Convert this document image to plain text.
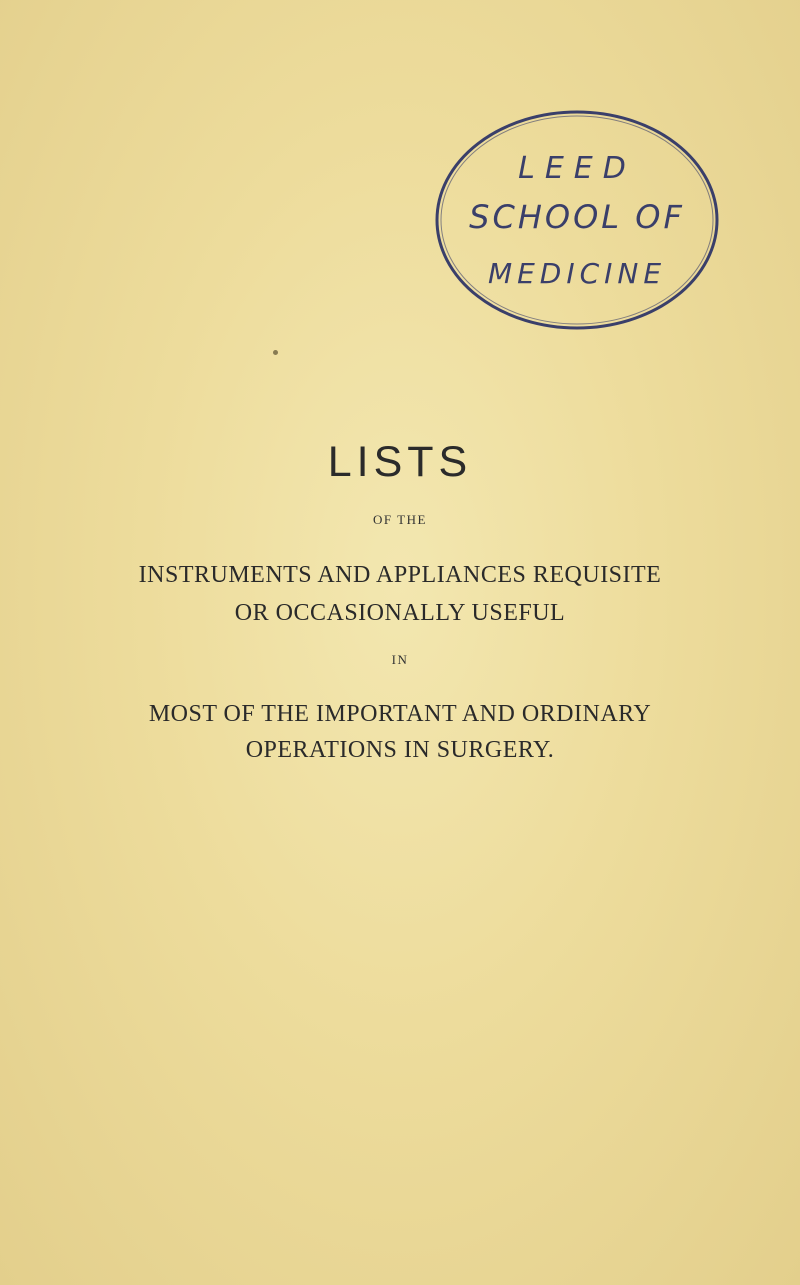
LEED
SCHOOL OF
MEDICINE
LISTS
OF THE
INSTRUMENTS AND APPLIANCES REQUISITE
OR OCCASIONALLY USEFUL
IN
MOST OF THE IMPORTANT AND ORDINARY
OPERATIONS IN SURGERY.
